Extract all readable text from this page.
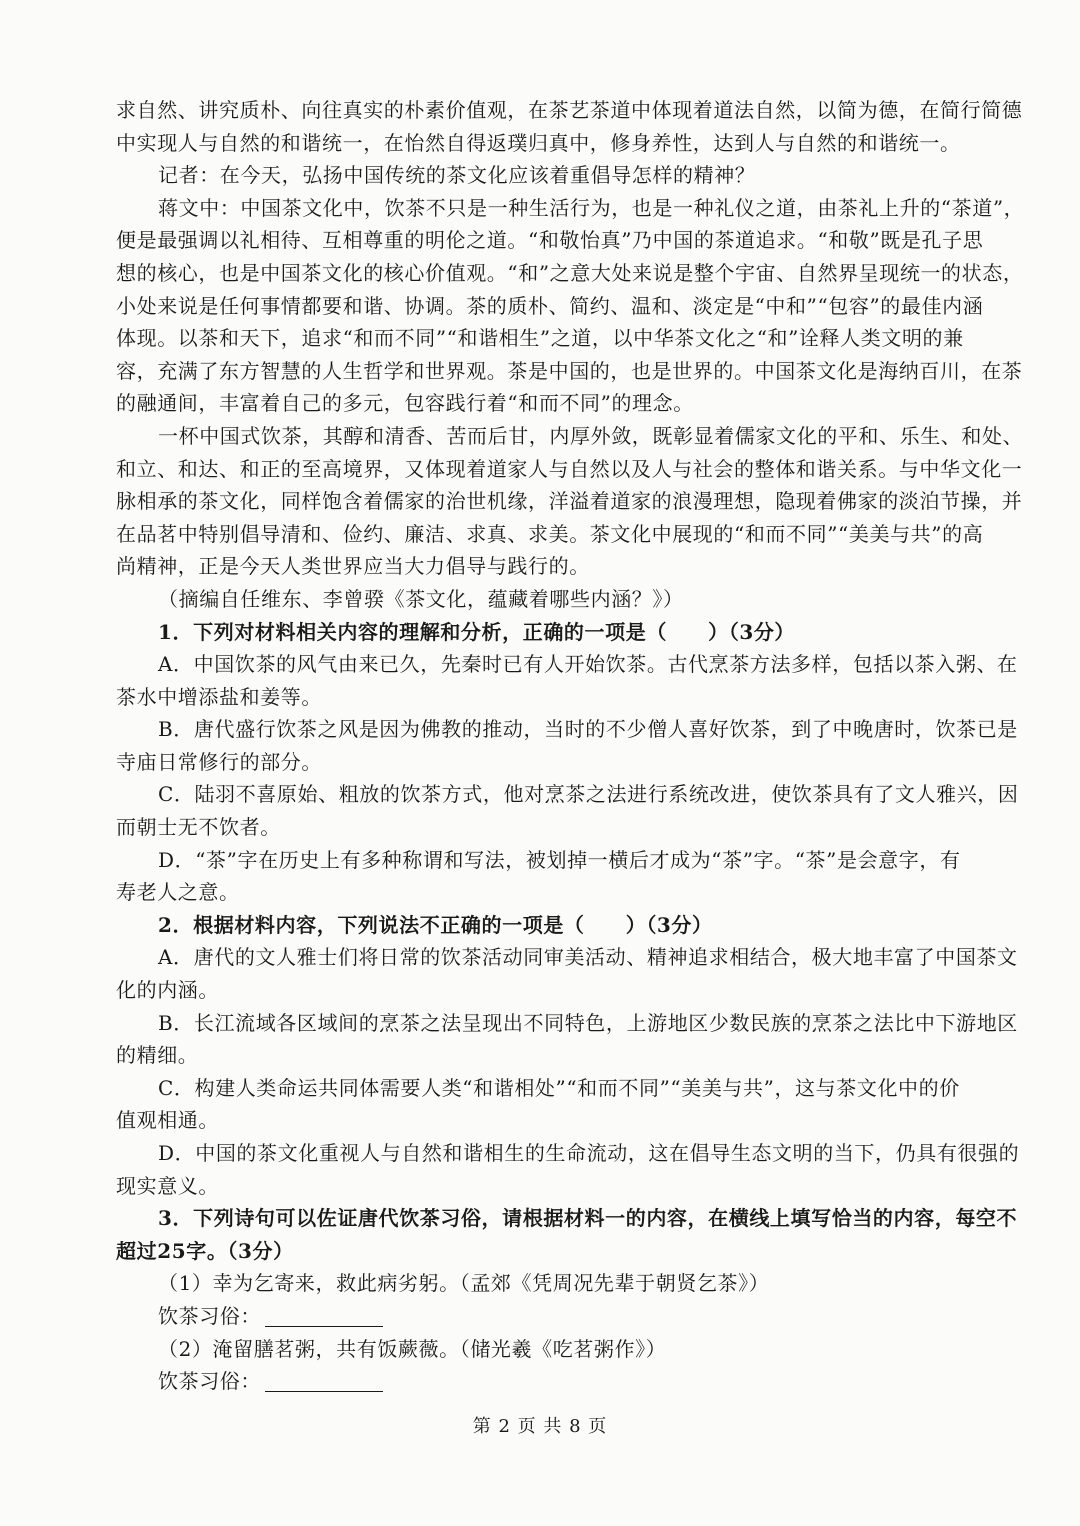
求自然、讲究质朴、向往真实的朴素价值观，在茶艺茶道中体现着道法自然，以简为德，在简行简德
中实现人与自然的和谐统一，在怡然自得返璞归真中，修身养性，达到人与自然的和谐统一。
记者：在今天，弘扬中国传统的茶文化应该着重倡导怎样的精神？
蒋文中：中国茶文化中，饮茶不只是一种生活行为，也是一种礼仪之道，由茶礼上升的“茶道”，
便是最强调以礼相待、互相尊重的明伦之道。“和敬怡真”乃中国的茶道追求。“和敬”既是孔子思
想的核心，也是中国茶文化的核心价值观。“和”之意大处来说是整个宇宙、自然界呈现统一的状态，
小处来说是任何事情都要和谐、协调。茶的质朴、简约、温和、淡定是“中和”“包容”的最佳内涵
体现。以茶和天下，追求“和而不同”“和谐相生”之道，以中华茶文化之“和”诠释人类文明的兼
容，充满了东方智慧的人生哲学和世界观。茶是中国的，也是世界的。中国茶文化是海纳百川，在茶
的融通间，丰富着自己的多元，包容践行着“和而不同”的理念。
一杯中国式饮茶，其醇和清香、苦而后甘，内厚外敛，既彰显着儒家文化的平和、乐生、和处、
和立、和达、和正的至高境界，又体现着道家人与自然以及人与社会的整体和谐关系。与中华文化一
脉相承的茶文化，同样饱含着儒家的治世机缘，洋溢着道家的浪漫理想，隐现着佛家的淡泊节操，并
在品茗中特别倡导清和、俭约、廉洁、求真、求美。茶文化中展现的“和而不同”“美美与共”的高
尚精神，正是今天人类世界应当大力倡导与践行的。
（摘编自任维东、李曾骙《茶文化，蕴藏着哪些内涵？》）
1．下列对材料相关内容的理解和分析，正确的一项是（　　）（3分）
A．中国饮茶的风气由来已久，先秦时已有人开始饮茶。古代烹茶方法多样，包括以茶入粥、在
茶水中增添盐和姜等。
B．唐代盛行饮茶之风是因为佛教的推动，当时的不少僧人喜好饮茶，到了中晚唐时，饮茶已是
寺庙日常修行的部分。
C．陆羽不喜原始、粗放的饮茶方式，他对烹茶之法进行系统改进，使饮茶具有了文人雅兴，因
而朝士无不饮者。
D．“茶”字在历史上有多种称谓和写法，被划掉一横后才成为“茶”字。“茶”是会意字，有
寿老人之意。
2．根据材料内容，下列说法不正确的一项是（　　）（3分）
A．唐代的文人雅士们将日常的饮茶活动同审美活动、精神追求相结合，极大地丰富了中国茶文
化的内涵。
B．长江流域各区域间的烹茶之法呈现出不同特色，上游地区少数民族的烹茶之法比中下游地区
的精细。
C．构建人类命运共同体需要人类“和谐相处”“和而不同”“美美与共”，这与茶文化中的价
值观相通。
D．中国的茶文化重视人与自然和谐相生的生命流动，这在倡导生态文明的当下，仍具有很强的
现实意义。
3．下列诗句可以佐证唐代饮茶习俗，请根据材料一的内容，在横线上填写恰当的内容，每空不
超过25字。（3分）
（1）幸为乞寄来，救此病劣躬。（孟郊《凭周况先辈于朝贤乞茶》）
饮茶习俗：
（2）淹留膳茗粥，共有饭蕨薇。（储光羲《吃茗粥作》）
饮茶习俗：
第 2 页 共 8 页
